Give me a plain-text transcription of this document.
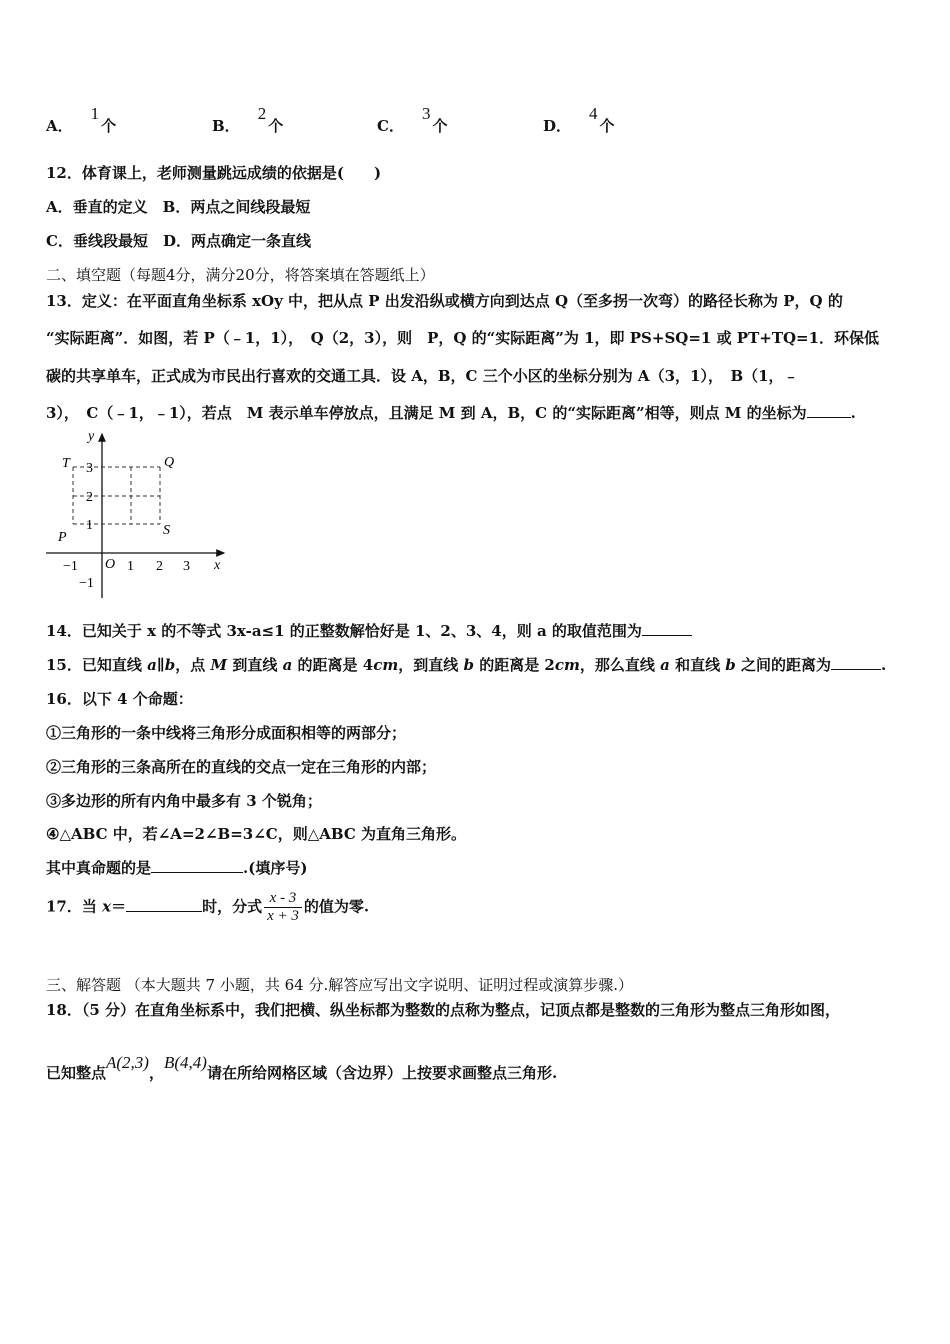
A．1个	B．2个	C．3个	D．4个
12．体育课上，老师测量跳远成绩的依据是(　　)
A．垂直的定义　B．两点之间线段最短
C．垂线段最短　D．两点确定一条直线
二、填空题（每题4分，满分20分，将答案填在答题纸上）
13．定义：在平面直角坐标系 xOy 中，把从点 P 出发沿纵或横方向到达点 Q（至多拐一次弯）的路径长称为 P，Q 的
“实际距离”．如图，若 P（﹣1，1），　Q（2，3），则　P，Q 的“实际距离”为 1，即 PS+SQ=1 或 PT+TQ=1．环保低
碳的共享单车，正式成为市民出行喜欢的交通工具．设 A，B，C 三个小区的坐标分别为 A（3，1），　B（1，﹣
3），　C（﹣1，﹣1），若点　M 表示单车停放点，且满足 M 到 A，B，C 的“实际距离”相等，则点 M 的坐标为	.
y
x
O
T	Q
P	S
3
2
1
−1
−1	1 2 3
14．已知关于 x 的不等式 3x-a≤1 的正整数解恰好是 1、2、3、4，则 a 的取值范围为
15．已知直线 a∥b，点 M 到直线 a 的距离是 4cm，到直线 b 的距离是 2cm，那么直线 a 和直线 b 之间的距离为	.
16．以下 4 个命题：
①三角形的一条中线将三角形分成面积相等的两部分；
②三角形的三条高所在的直线的交点一定在三角形的内部；
③多边形的所有内角中最多有 3 个锐角；
④△ABC 中，若∠A=2∠B=3∠C，则△ABC 为直角三角形。
其中真命题的是	.(填序号)
17．当 x＝	时，分式 $\frac{x - 3}{x + 3}$ 的值为零.
三、解答题 （本大题共 7 小题，共 64 分.解答应写出文字说明、证明过程或演算步骤.）
18．（5 分）在直角坐标系中，我们把横、纵坐标都为整数的点称为整点，记顶点都是整数的三角形为整点三角形如图，
已知整点A(2,3)，B(4,4)请在所给网格区域（含边界）上按要求画整点三角形.
